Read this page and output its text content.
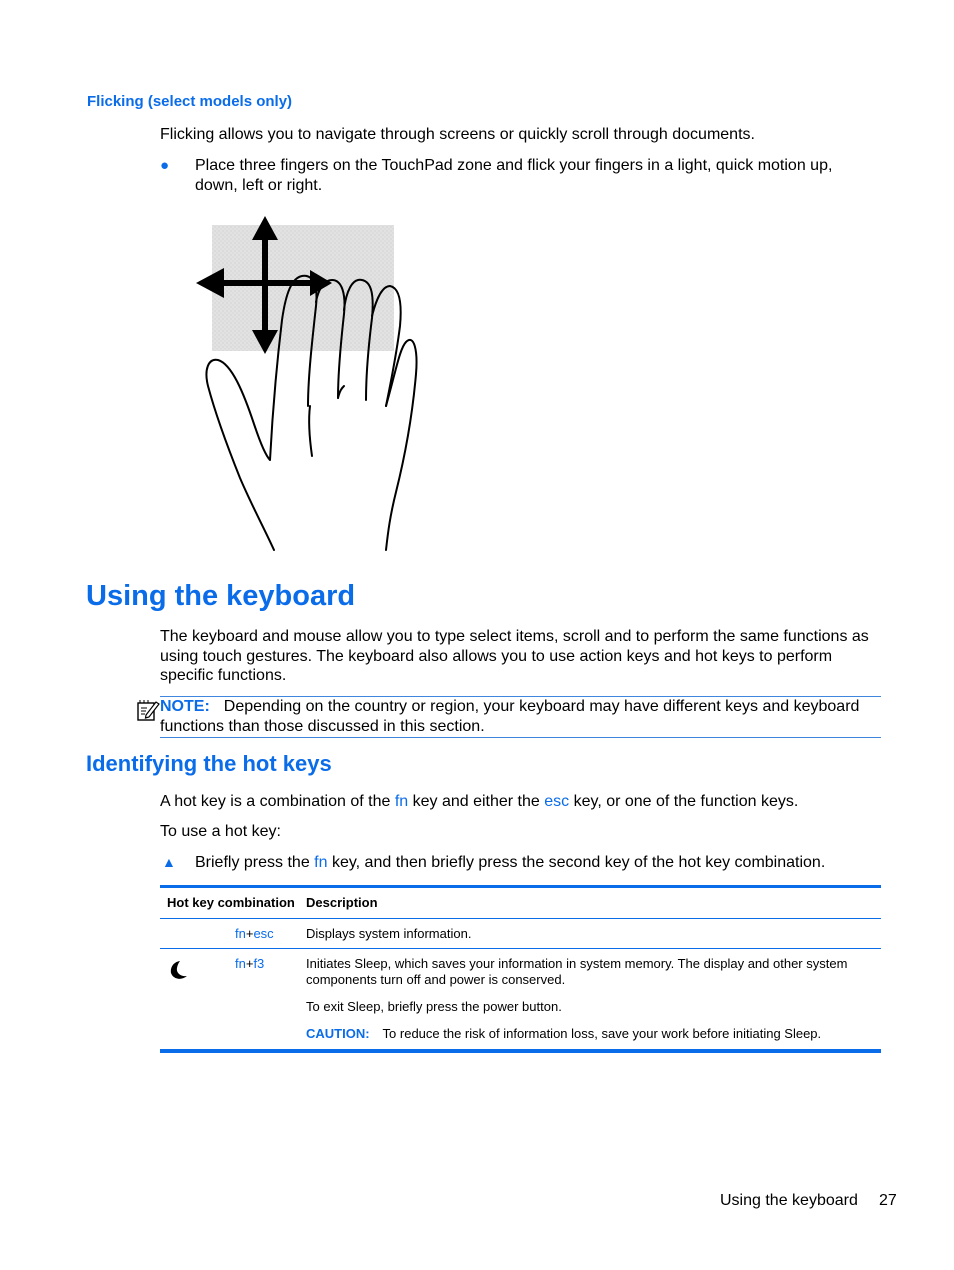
Flicking (select models only)
Flicking allows you to navigate through screens or quickly scroll through documents.
● Place three fingers on the TouchPad zone and flick your fingers in a light, quick motion up,
down, left or right.
Using the keyboard
The keyboard and mouse allow you to type select items, scroll and to perform the same functions as
using touch gestures. The keyboard also allows you to use action keys and hot keys to perform
specific functions.
NOTE: Depending on the country or region, your keyboard may have different keys and keyboard
functions than those discussed in this section.
Identifying the hot keys
A hot key is a combination of the fn key and either the esc key, or one of the function keys.
To use a hot key:
▲ Briefly press the fn key, and then briefly press the second key of the hot key combination.
Hot key combination Description
fn+esc Displays system information.
fn+f3	Initiates Sleep, which saves your information in system memory. The display and other system
components turn off and power is conserved.
To exit Sleep, briefly press the power button.
CAUTION: To reduce the risk of information loss, save your work before initiating Sleep.
Using the keyboard 27
